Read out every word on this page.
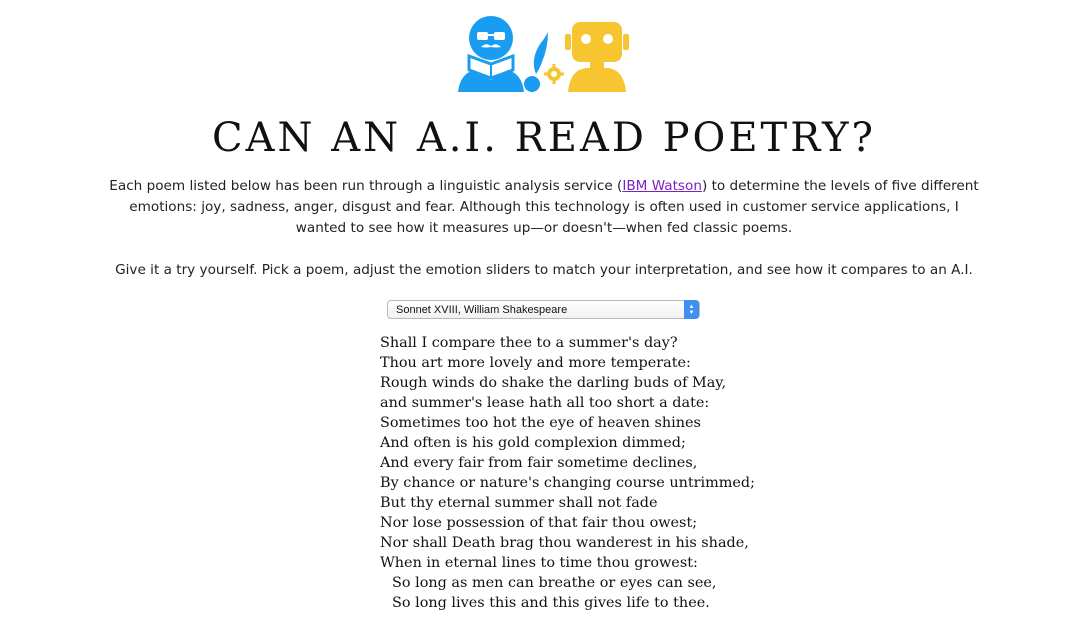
CAN AN A.I. READ POETRY?

Each poem listed below has been run through a linguistic analysis service (IBM Watson) to determine the levels of five different emotions: joy, sadness, anger, disgust and fear. Although this technology is often used in customer service applications, I wanted to see how it measures up—or doesn't—when fed classic poems.

Give it a try yourself. Pick a poem, adjust the emotion sliders to match your interpretation, and see how it compares to an A.I.

Sonnet XVIII, William Shakespeare	▲
▼
Shall I compare thee to a summer's day?
Thou art more lovely and more temperate:
Rough winds do shake the darling buds of May,
and summer's lease hath all too short a date:
Sometimes too hot the eye of heaven shines
And often is his gold complexion dimmed;
And every fair from fair sometime declines,
By chance or nature's changing course untrimmed;
But thy eternal summer shall not fade
Nor lose possession of that fair thou owest;
Nor shall Death brag thou wanderest in his shade,
When in eternal lines to time thou growest:
So long as men can breathe or eyes can see,
So long lives this and this gives life to thee.
